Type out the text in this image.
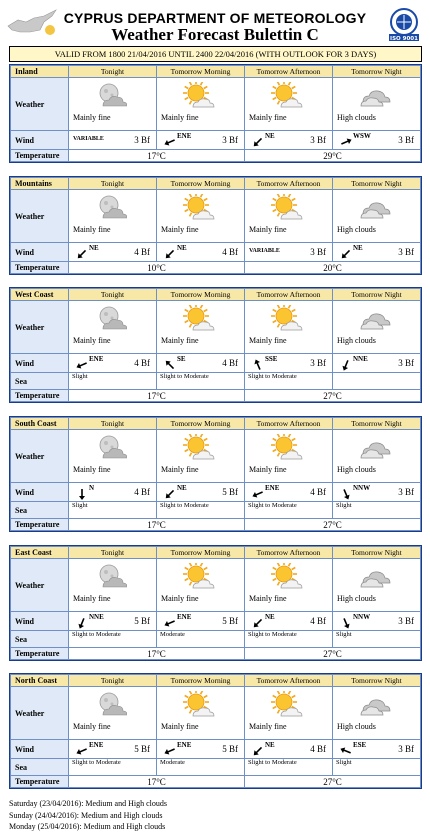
CYPRUS DEPARTMENT OF METEOROLOGY
Weather Forecast Bulettin C	ISO 9001
VALID FROM 1800 21/04/2016 UNTIL 2400 22/04/2016 (WITH OUTLOOK FOR 3 DAYS)
Inland	Tonight	Tomorrow Morning	Tomorrow Afternoon	Tomorrow Night
Weather	Mainly fine	Mainly fine	Mainly fine	High clouds

Wind	VARIABLE 3 Bf	ENE 3 Bf	NE 3 Bf	WSW 3 Bf

Temperature	17°C		29°C	
Mountains	Tonight	Tomorrow Morning	Tomorrow Afternoon	Tomorrow Night
Weather	Mainly fine	Mainly fine	Mainly fine	High clouds

Wind	NE 4 Bf	NE 4 Bf	VARIABLE 3 Bf	NE 3 Bf

Temperature	10°C		20°C	
West Coast	Tonight	Tomorrow Morning	Tomorrow Afternoon	Tomorrow Night
Weather	Mainly fine	Mainly fine	Mainly fine	High clouds

Wind	ENE 4 Bf	SE 4 Bf	SSE 3 Bf	NNE 3 Bf

Sea	Slight	Slight to Moderate	Slight to Moderate	
Temperature	17°C		27°C	
South Coast	Tonight	Tomorrow Morning	Tomorrow Afternoon	Tomorrow Night
Weather	Mainly fine	Mainly fine	Mainly fine	High clouds

Wind	N 4 Bf	NE 5 Bf	ENE 4 Bf	NNW 3 Bf

Sea	Slight	Slight to Moderate	Slight to Moderate	Slight
Temperature	17°C		27°C	
East Coast	Tonight	Tomorrow Morning	Tomorrow Afternoon	Tomorrow Night
Weather	Mainly fine	Mainly fine	Mainly fine	High clouds

Wind	NNE 5 Bf	ENE 5 Bf	NE 4 Bf	NNW 3 Bf

Sea	Slight to Moderate	Moderate	Slight to Moderate	Slight
Temperature	17°C		27°C	
North Coast	Tonight	Tomorrow Morning	Tomorrow Afternoon	Tomorrow Night
Weather	Mainly fine	Mainly fine	Mainly fine	High clouds

Wind	ENE 5 Bf	ENE 5 Bf	NE 4 Bf	ESE 3 Bf

Sea	Slight to Moderate	Moderate	Slight to Moderate	Slight
Temperature	17°C		27°C	
Saturday (23/04/2016): Medium and High clouds
Sunday (24/04/2016): Medium and High clouds
Monday (25/04/2016): Medium and High clouds
